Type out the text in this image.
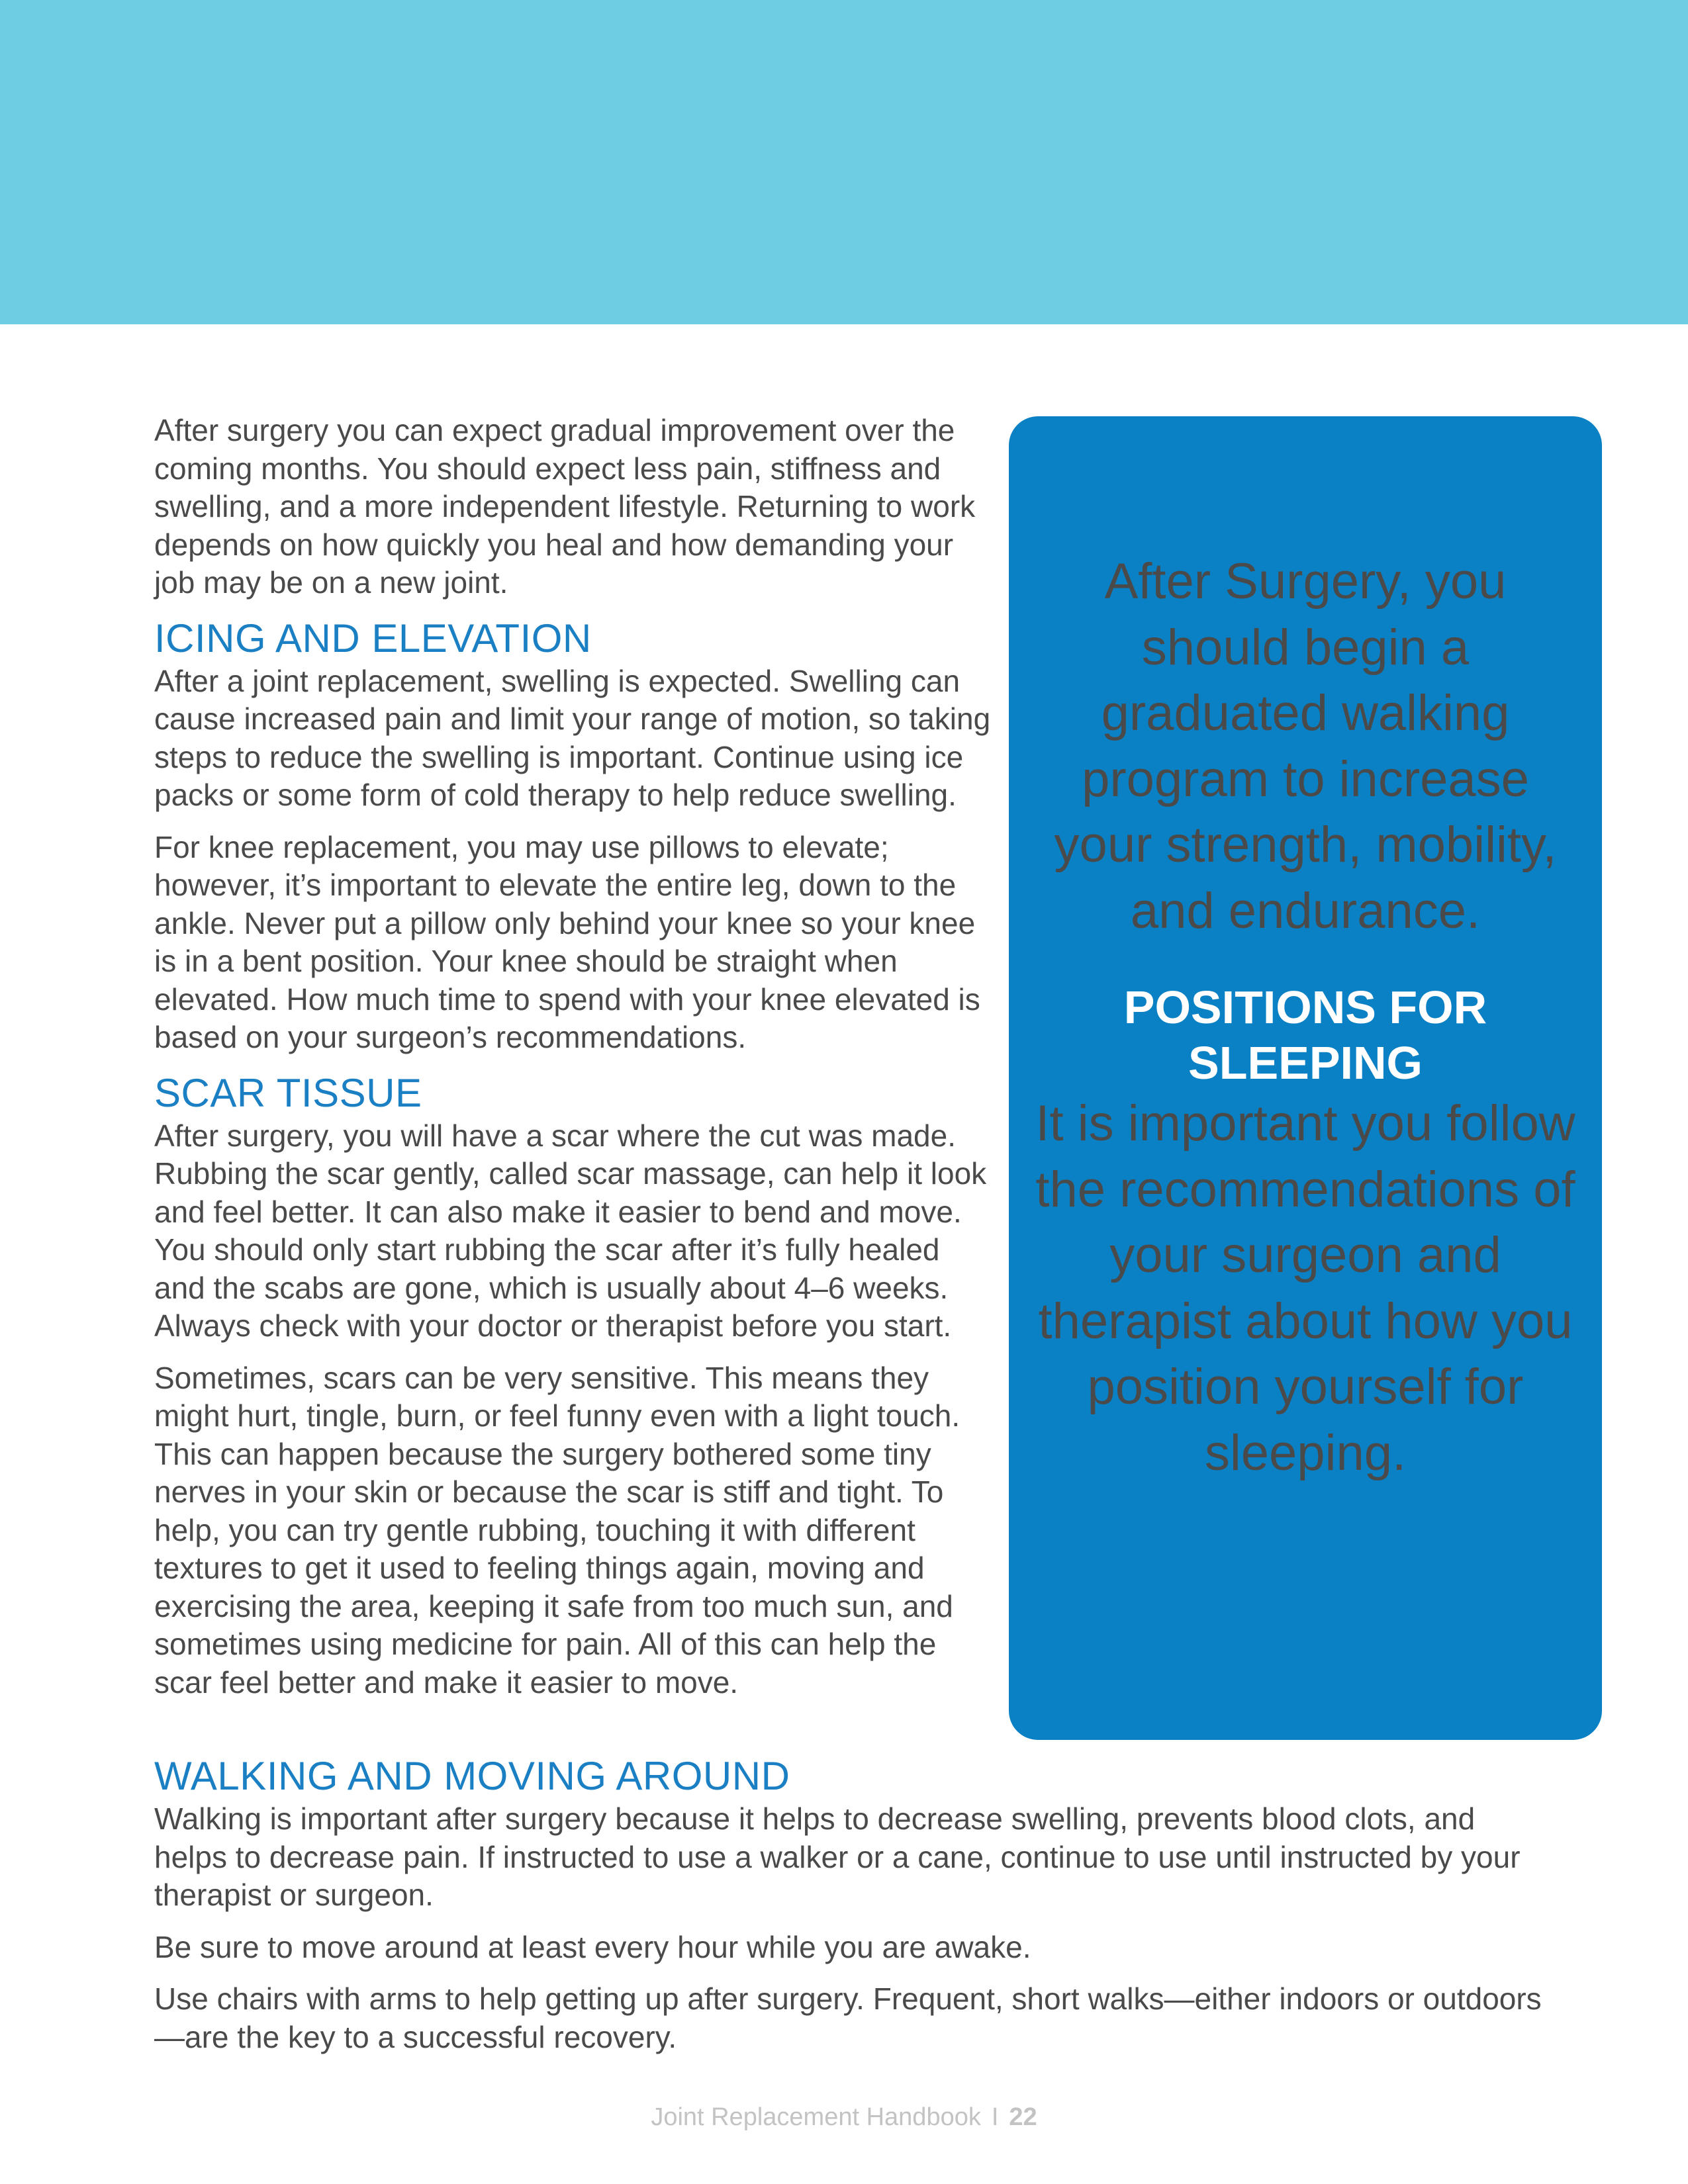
After surgery you can expect gradual improvement over the coming months. You should expect less pain, stiffness and swelling, and a more independent lifestyle. Returning to work depends on how quickly you heal and how demanding your job may be on a new joint.

ICING AND ELEVATION

After a joint replacement, swelling is expected. Swelling can cause increased pain and limit your range of motion, so taking steps to reduce the swelling is important. Continue using ice packs or some form of cold therapy to help reduce swelling.

For knee replacement, you may use pillows to elevate; however, it’s important to elevate the entire leg, down to the ankle. Never put a pillow only behind your knee so your knee is in a bent position. Your knee should be straight when elevated. How much time to spend with your knee elevated is based on your surgeon’s recommendations.

SCAR TISSUE

After surgery, you will have a scar where the cut was made. Rubbing the scar gently, called scar massage, can help it look and feel better. It can also make it easier to bend and move. You should only start rubbing the scar after it’s fully healed and the scabs are gone, which is usually about 4–6 weeks. Always check with your doctor or therapist before you start.

Sometimes, scars can be very sensitive. This means they might hurt, tingle, burn, or feel funny even with a light touch. This can happen because the surgery bothered some tiny nerves in your skin or because the scar is stiff and tight. To help, you can try gentle rubbing, touching it with different textures to get it used to feeling things again, moving and exercising the area, keeping it safe from too much sun, and sometimes using medicine for pain. All of this can help the scar feel better and make it easier to move.

After Surgery, you should begin a graduated walking program to increase your strength, mobility, and endurance.

POSITIONS FOR SLEEPING

It is important you follow the recommendations of your surgeon and therapist about how you position yourself for sleeping.

WALKING AND MOVING AROUND

Walking is important after surgery because it helps to decrease swelling, prevents blood clots, and helps to decrease pain. If instructed to use a walker or a cane, continue to use until instructed by your therapist or surgeon.

Be sure to move around at least every hour while you are awake.

Use chairs with arms to help getting up after surgery. Frequent, short walks—either indoors or outdoors—are the key to a successful recovery.

Joint Replacement Handbook I 22
